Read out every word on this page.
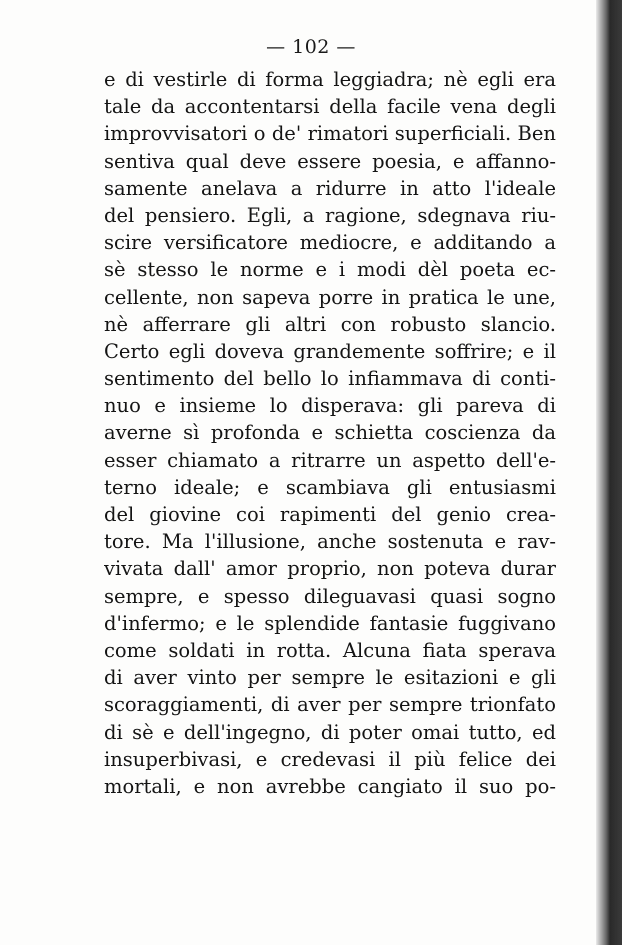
— 102 —
e di vestirle di forma leggiadra; nè egli era
tale da accontentarsi della facile vena degli
improvvisatori o de' rimatori superficiali. Ben
sentiva qual deve essere poesia, e affanno-
samente anelava a ridurre in atto l'ideale
del pensiero. Egli, a ragione, sdegnava riu-
scire versificatore mediocre, e additando a
sè stesso le norme e i modi dèl poeta ec-
cellente, non sapeva porre in pratica le une,
nè afferrare gli altri con robusto slancio.
Certo egli doveva grandemente soffrire; e il
sentimento del bello lo infiammava di conti-
nuo e insieme lo disperava: gli pareva di
averne sì profonda e schietta coscienza da
esser chiamato a ritrarre un aspetto dell'e-
terno ideale; e scambiava gli entusiasmi
del giovine coi rapimenti del genio crea-
tore. Ma l'illusione, anche sostenuta e rav-
vivata dall' amor proprio, non poteva durar
sempre, e spesso dileguavasi quasi sogno
d'infermo; e le splendide fantasie fuggivano
come soldati in rotta. Alcuna fiata sperava
di aver vinto per sempre le esitazioni e gli
scoraggiamenti, di aver per sempre trionfato
di sè e dell'ingegno, di poter omai tutto, ed
insuperbivasi, e credevasi il più felice dei
mortali, e non avrebbe cangiato il suo po-
